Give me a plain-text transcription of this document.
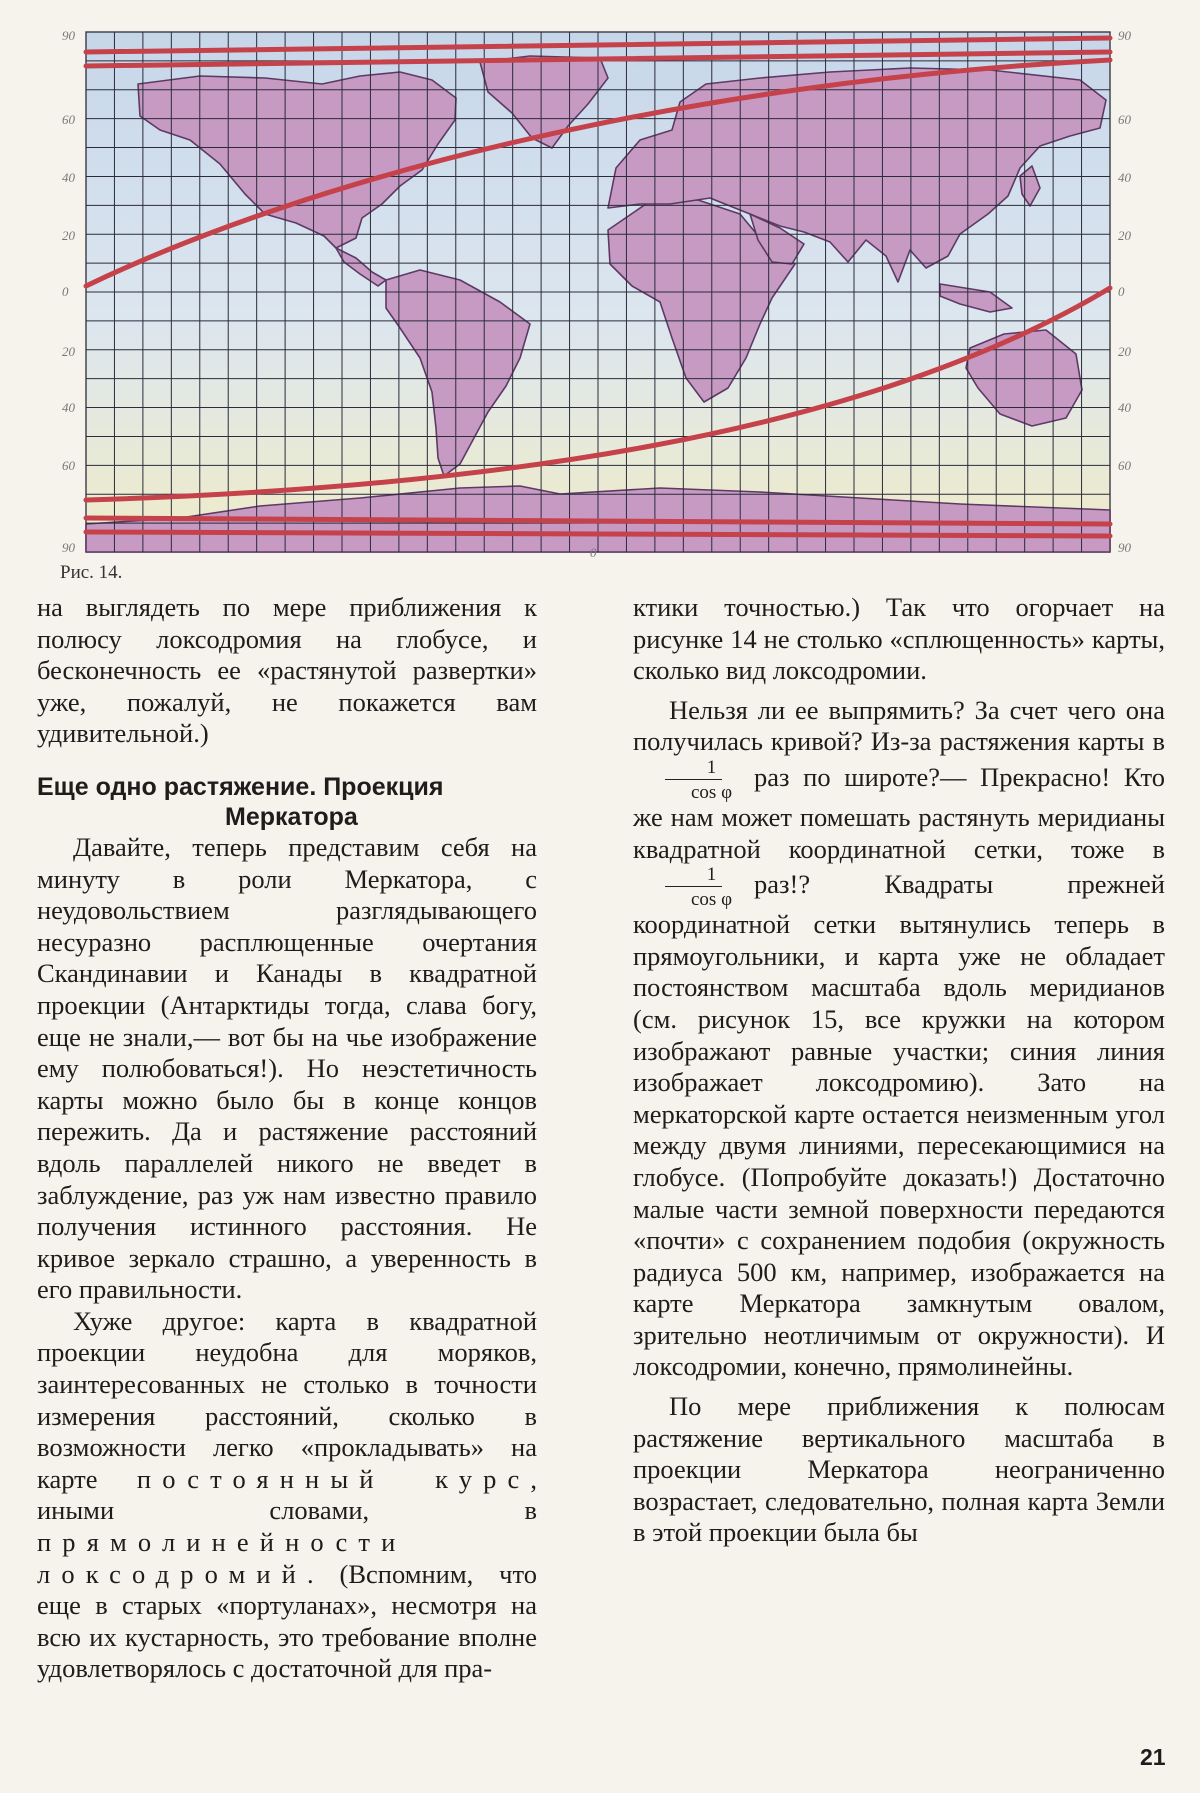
90
60
40
20
0
20
40
60
90
90
60
40
20
0
20
40
60
90
0
Рис. 14.

на выглядеть по мере приближения к полюсу локсодромия на глобусе, и бесконечность ее «растянутой развертки» уже, пожалуй, не покажется вам удивительной.)

Еще одно растяжение. Проекция
Меркатора

Давайте, теперь представим себя на минуту в роли Меркатора, с неудовольствием разглядывающего несуразно расплющенные очертания Скандинавии и Канады в квадратной проекции (Антарктиды тогда, слава богу, еще не знали,— вот бы на чье изображение ему полюбоваться!). Но неэстетичность карты можно было бы в конце концов пережить. Да и растяжение расстояний вдоль параллелей никого не введет в заблуждение, раз уж нам известно правило получения истинного расстояния. Не кривое зеркало страшно, а уверенность в его правильности.

Хуже другое: карта в квадратной проекции неудобна для моряков, заинтересованных не столько в точности измерения расстояний, сколько в возможности легко «прокладывать» на карте постоянный курс, иными словами, в прямолинейности локсодромий. (Вспомним, что еще в старых «портуланах», несмотря на всю их кустарность, это требование вполне удовлетворялось с достаточной для пра-

ктики точностью.) Так что огорчает на рисунке 14 не столько «сплющенность» карты, сколько вид локсодромии.

Нельзя ли ее выпрямить? За счет чего она получилась кривой? Из-за растяжения карты в
$\frac{1}{\text{cos φ}}$ раз по широте?— Прекрасно! Кто же нам может помешать растянуть меридианы квадратной координатной сетки, тоже в
$\frac{1}{\text{cos φ}}$ раз!? Квадраты прежней координатной сетки вытянулись теперь в прямоугольники, и карта уже не обладает постоянством масштаба вдоль меридианов (см. рисунок 15, все кружки на котором изображают равные участки; синия линия изображает локсодромию). Зато на меркаторской карте остается неизменным угол между двумя линиями, пересекающимися на глобусе. (Попробуйте доказать!) Достаточно малые части земной поверхности передаются «почти» с сохранением подобия (окружность радиуса 500 км, например, изображается на карте Меркатора замкнутым овалом, зрительно неотличимым от окружности). И локсодромии, конечно, прямолинейны.

По мере приближения к полюсам растяжение вертикального масштаба в проекции Меркатора неограниченно возрастает, следовательно, полная карта Земли в этой проекции была бы

21
